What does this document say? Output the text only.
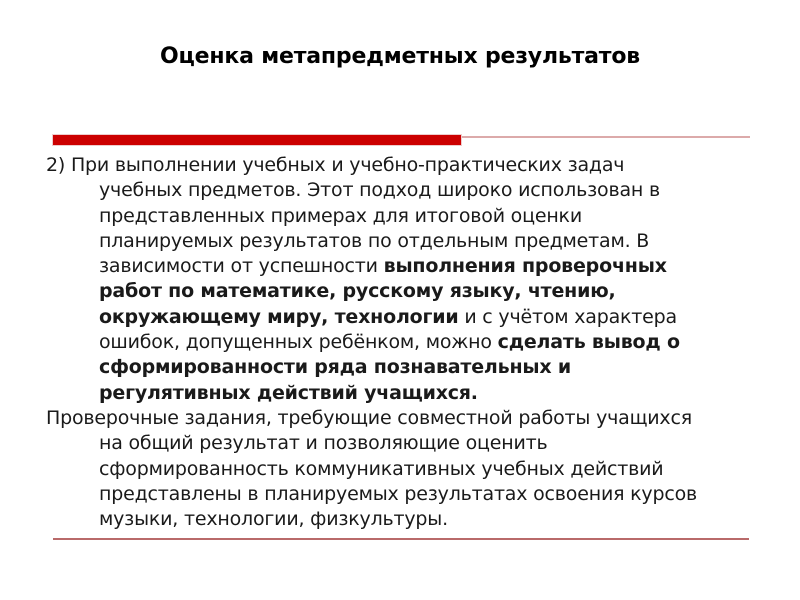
Оценка метапредметных результатов
2) При выполнении учебных и учебно-практических задач
учебных предметов. Этот подход широко использован в
представленных примерах для итоговой оценки
планируемых результатов по отдельным предметам. В
зависимости от успешности выполнения проверочных
работ по математике, русскому языку, чтению,
окружающему миру, технологии и с учётом характера
ошибок, допущенных ребёнком, можно сделать вывод о
сформированности ряда познавательных и
регулятивных действий учащихся.
Проверочные задания, требующие совместной работы учащихся
на общий результат и позволяющие оценить
сформированность коммуникативных учебных действий
представлены в планируемых результатах освоения курсов
музыки, технологии, физкультуры.
